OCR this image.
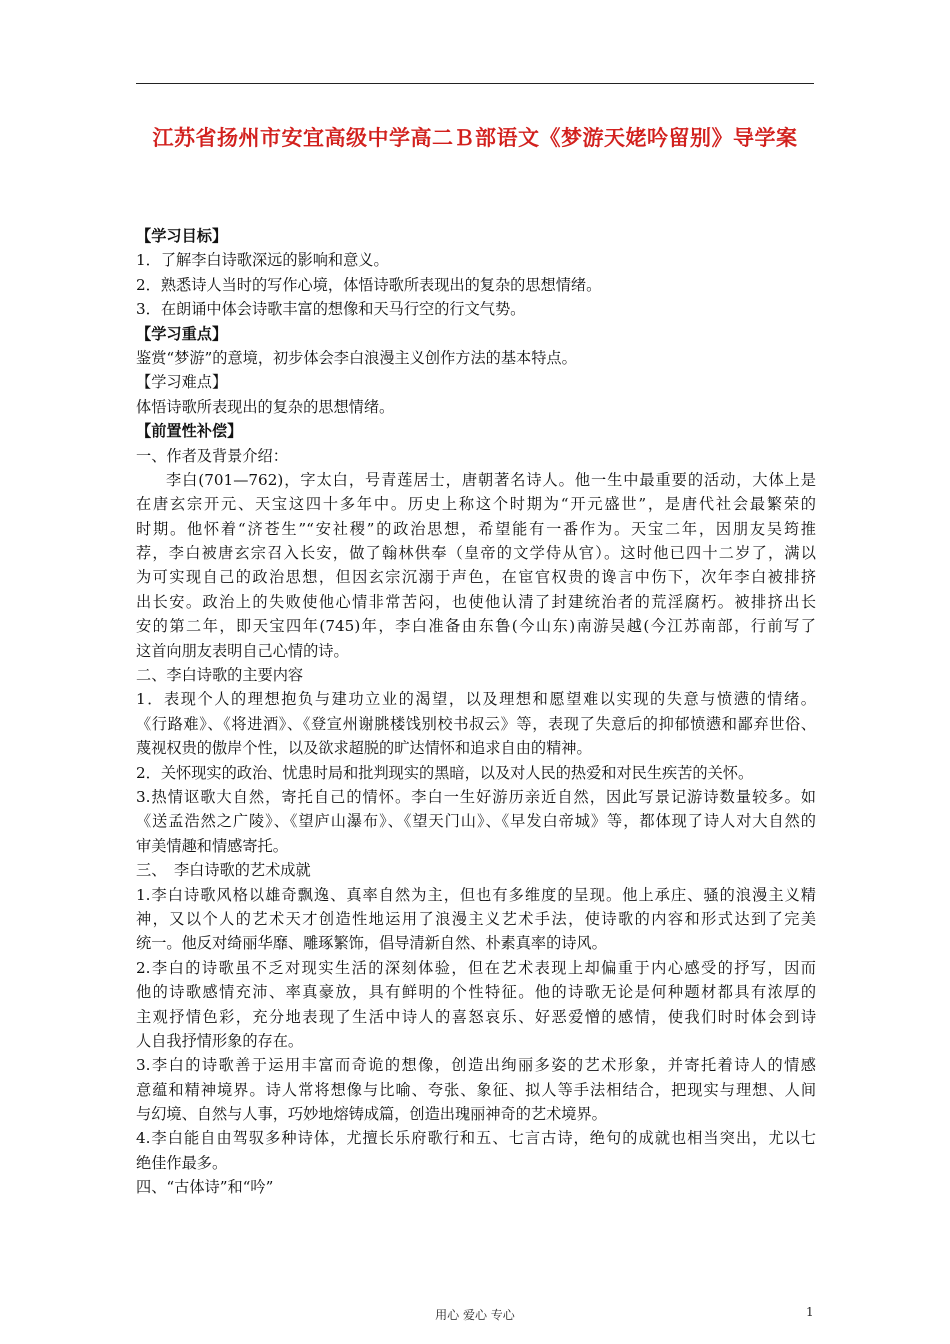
江苏省扬州市安宜高级中学高二Ｂ部语文《梦游天姥吟留别》导学案
【学习目标】
1．了解李白诗歌深远的影响和意义。
2．熟悉诗人当时的写作心境，体悟诗歌所表现出的复杂的思想情绪。
3．在朗诵中体会诗歌丰富的想像和天马行空的行文气势。
【学习重点】
鉴赏“梦游”的意境，初步体会李白浪漫主义创作方法的基本特点。
【学习难点】
体悟诗歌所表现出的复杂的思想情绪。
【前置性补偿】
一、作者及背景介绍：
李白(701—762)，字太白，号青莲居士，唐朝著名诗人。他一生中最重要的活动，大体上是
在唐玄宗开元、天宝这四十多年中。历史上称这个时期为“开元盛世”，是唐代社会最繁荣的
时期。他怀着“济苍生”“安社稷”的政治思想，希望能有一番作为。天宝二年，因朋友吴筠推
荐，李白被唐玄宗召入长安，做了翰林供奉（皇帝的文学侍从官）。这时他已四十二岁了，满以
为可实现自己的政治思想，但因玄宗沉溺于声色，在宦官权贵的谗言中伤下，次年李白被排挤
出长安。政治上的失败使他心情非常苦闷，也使他认清了封建统治者的荒淫腐朽。被排挤出长
安的第二年，即天宝四年(745)年，李白准备由东鲁(今山东)南游吴越(今江苏南部，行前写了
这首向朋友表明自己心情的诗。
二、李白诗歌的主要内容
1．表现个人的理想抱负与建功立业的渴望，以及理想和愿望难以实现的失意与愤懑的情绪。
《行路难》、《将进酒》、《登宣州谢朓楼饯别校书叔云》等，表现了失意后的抑郁愤懑和鄙弃世俗、
蔑视权贵的傲岸个性，以及欲求超脱的旷达情怀和追求自由的精神。
2．关怀现实的政治、忧患时局和批判现实的黑暗，以及对人民的热爱和对民生疾苦的关怀。
3.热情讴歌大自然，寄托自己的情怀。李白一生好游历亲近自然，因此写景记游诗数量较多。如
《送孟浩然之广陵》、《望庐山瀑布》、《望天门山》、《早发白帝城》等，都体现了诗人对大自然的
审美情趣和情感寄托。
三、　李白诗歌的艺术成就
1.李白诗歌风格以雄奇飘逸、真率自然为主，但也有多维度的呈现。他上承庄、骚的浪漫主义精
神，又以个人的艺术天才创造性地运用了浪漫主义艺术手法，使诗歌的内容和形式达到了完美
统一。他反对绮丽华靡、雕琢繁饰，倡导清新自然、朴素真率的诗风。
2.李白的诗歌虽不乏对现实生活的深刻体验，但在艺术表现上却偏重于内心感受的抒写，因而
他的诗歌感情充沛、率真豪放，具有鲜明的个性特征。他的诗歌无论是何种题材都具有浓厚的
主观抒情色彩，充分地表现了生活中诗人的喜怒哀乐、好恶爱憎的感情，使我们时时体会到诗
人自我抒情形象的存在。
3.李白的诗歌善于运用丰富而奇诡的想像，创造出绚丽多姿的艺术形象，并寄托着诗人的情感
意蕴和精神境界。诗人常将想像与比喻、夸张、象征、拟人等手法相结合，把现实与理想、人间
与幻境、自然与人事，巧妙地熔铸成篇，创造出瑰丽神奇的艺术境界。
4.李白能自由驾驭多种诗体，尤擅长乐府歌行和五、七言古诗，绝句的成就也相当突出，尤以七
绝佳作最多。
四、“古体诗”和“吟”
用心 爱心 专心	1
